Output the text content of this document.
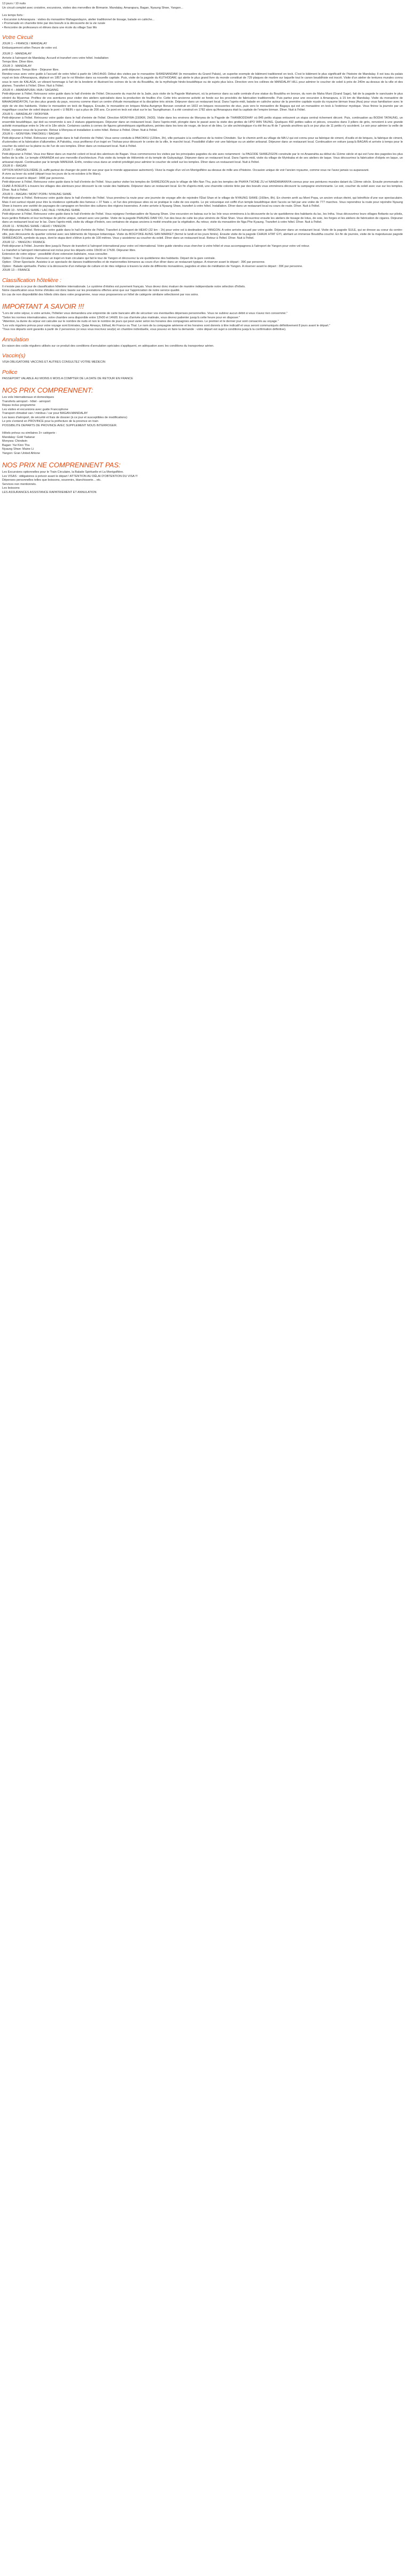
13 jours / 10 nuits

Un circuit complet avec croisière, excursions, visites des merveilles de Birmanie. Mandalay, Amarapura, Bagan, Nyaung Shwe, Yangon...

Les temps forts :

• Excursion à Amarapura : visites du monastère Mahagandayon, atelier traditionnel de tissage, balade en calèche...

• Promenade en charrette tirée par des boeufs à la découverte de la vie rurale

• Rencontre de professeurs et élèves dans une école du village Sao Mo

Votre Circuit

JOUR 1 – FRANCE / MANDALAY

Embarquement sélon l'heure de votre vol.

JOUR 2 - MANDALAY

Arrivée à l'aéroport de Mandalay. Accueil et transfert vers votre hôtel. Installation
Temps libre. Dîner libre.

JOUR 3 - MANDALAY

petit-déjeuner. Temps libre - Déjeuner libre.
Rendez-vous avec votre guide à l'accueil de votre hôtel à partir de 14h/14h30. Début des visites par le monastère SHWENANDAW (le monastère du Grand Palais), un superbe exemple de bâtiment traditionnel en teck. C'est le bâtiment le plus significatif de l'histoire de Mandalay. Il est issu du palais royal en bois d'Amarapura, déplacé en 1857 par le roi Mindon dans sa nouvelle capitale. Puis, visite de la pagode du KUTHODAW, qui abrite le plus grand livre du monde constitué de 729 plaques de marbre sur laquelle tout le canon bouddhiste est inscrit. Visite d'un atelier de tentures murales connu sous le nom de KALAGA, un vibrant hommage à l'art de la broderie et illustrant les scènes de la vie du Bouddha, de la mythologie hindo-bouddhique ou de sujets plus laïcs. Direction vers les collines de MANDALAY HILL pour admirer le coucher de soleil à près de 240m au-dessus de la ville et des plaines. Transfert à l'hôtel. Dîner. Nuit à l'hôtel.

JOUR 4 – AMARAPURA / AVA / SAGAING

Petit-déjeuner à l'hôtel. Retrouvez votre guide dans le hall d'entrée de l'hôtel. Découverte du marché de la Jade, puis visite de la Pagode Mahamuni, où la présence dans sa salle centrale d'une statue du Bouddha en bronze, du nom de Maha Muni (Grand Sage), fait de la pagode le sanctuaire le plus vénéré du Myanmar. Profitez de vos aventures pour visiter des ateliers spécialisés dans la production de feuilles d'or. Cette très ancienne activité se fonde sur les procédés de fabrication traditionnelle. Puis partez pour une excursion à Amarapura, à 15 km de Mandalay. Visite du monastère de MAHAGANDAYON, l'un des plus grands du pays, reconnu comme étant un centre d'étude monastique et la discipline très stricte. Déjeuner dans un restaurant local. Dans l'après-midi, balade en calèche autour de la première capitale royale du royaume birman Inwa (Ava) pour vous familiariser avec le style de vie des habitants. Visitez le monastère en teck de Bagaya. Ensuite, le monastère en briques Maha Aungmye Bonzan construit en 1822 en briques recouvertes de stuc, puis vers le monastère de Bagaya qui est un monastère en teck à l'extérieur mystique. Vous finirez la journée par un magnifique coucher de soleil depuis le pont « U BEIN » qui a plus de 200 ans. Ce pont en teck est situé sur le lac Taungthaman. Il a été construit en 1782 alors qu'Amarapura était la capitale de l'empire birman. Dîner. Nuit à l'hôtel.

JOUR 5 – MANDALAY / MONYWA

Petit-déjeuner à l'hôtel. Retrouvez votre guide dans le hall d'entrée de l'hôtel. Direction MONYWA (150KM, 2H30). Visite dans les environs de Monywa de la Pagode de THANBODDHAY où 845 petits stupas entourent un stupa central richement décoré. Puis, continuation au BODHI TATAUNG, un ensemble bouddhique, qui doit sa renommée à ses 2 statues gigantesques. Déjeuner dans un restaurant local. Dans l'après-midi, plongée dans le passé avec la visite des grottes de HPO WIN TAUNG. Quelques 492 petites salles et pièces, creusées dans 3 piliers de grès, renvoient à une grande activité monastique entre le 14e et le 18e siècle. Certaines cavités à cornes de figures géométriques significatives, peintes dans les tons de rouge, de brun et de bleu. Le site archéologique n'a été fini au fil de 7 grands ancêtres qu'à ce jour plus de 11 petits n'y accèdent. Le soir pour admirer la veille de l'hôtel, reposez-vous de la journée. Retour à Monywa et installation à votre hôtel. Retour à l'hôtel. Dîner. Nuit à l'hôtel.

JOUR 6 – MONYWA / PAKOKKU / BAGAN

Petit-déjeuner à l'hôtel. Retrouvez votre guide dans le hall d'entrée de l'hôtel. Vous serez conduits à PAKOKKU (120km, 3h), ville portuaire à la confluence de la rivière Chindwin. Sur le chemin arrêt au village de MA U qui est connu pour sa fabrique de ciment, d'outils et de briques, la fabrique de ciment, d'ustensiles et la fabrication d'allumettes. A Pakokku, vous profiterez d'un trajet en Trishaw pour découvrir le centre de la ville, le marché local. Possibilité d'aller voir une fabrique ou un atelier artisanal. Déjeuner dans un restaurant local. Continuation en voiture jusqu'à BAGAN et arrivée à temps pour le coucher du soleil sur la plaine ou de l'un de ses temples. Dîner dans un restaurant local. Nuit à l'hôtel.

JOUR 7 – BAGAN

Petit-déjeuner à l'hôtel. Vous irez flâner dans un marché coloré et local des alentours de Bagan. Vous commencerez les visites par les principales pagodes du site avec notamment : la PAGODE SHWEZIGON construite par le roi Anawrahta au début du 11ème siècle et qui est l'une des pagodes les plus belles de la ville. Le temple d'ANANDA est une merveille d'architecture. Puis visite du temple de Htilominlo et du temple de Gubyaukgyi. Déjeuner dans un restaurant local. Dans l'après-midi, visite du village de Myinkaba et de ses ateliers de laque. Vous découvrirez la fabrication d'objets en laque, un artisanat réputé. Continuation par le temple MANUHA. Enfin, rendez-vous dans un endroit privilégié pour admirer le coucher de soleil sur les temples. Dîner dans un restaurant local. Nuit à l'hôtel.

JOUR 8 – BAGAN

OPTION MONTGOLFIÈRE (IL suffit partout de changer de point de vue pour que le monde apparaisse autrement). Vivez la magie d'un vol en Montgolfière au-dessus de mille ans d'histoire. Occasion unique de voir l'ancien royaume, comme vous ne l'avez jamais vu auparavant.
A vivre au lever du soleil (départ tous les jours de la mi-octobre à fin Mars).
A réserver avant le départ : 349€ par personne.
Petit-déjeuner à l'hôtel. Retrouvez votre guide dans le hall d'entrée de l'hôtel. Vous partez visiter les temples de SHWEZIGON puis le village de Min Nan Thu, puis les temples de PHAYA THONE ZU et NANDAMANNYA connus pour ses peintures murales datant du 13ème siècle. Ensuite promenade en CHAR À BOEUFS à travers les villages des alentours pour découvrir la vie rurale des habitants. Déjeuner dans un restaurant local. En fin d'après-midi, une charrette colorée tirée par des boeufs vous emmènera découvrir la campagne environnante. Le soir, coucher du soleil avec vue sur les temples. Dîner. Nuit à l'hôtel.

JOUR 9 – BAGAN / MONT POPA / NYAUNG SHWE

Petit-déjeuner à l'hôtel. Retrouvez votre guide dans le hall d'entrée de l'hôtel. Vous prendrez la route pour une journée de voyage afin de rejoindre l'État Shan et le village de NYAUNG SHWE (160km, 8h). En chemin arrêt au Mont Popa, un ancien volcan éteint, qui bénéficie d'une vue spectaculaire. Mais il est surtout réputé pour être la résidence spirituelle des fameux « 37 Nats », et l'un des principaux sites où se pratique le culte de ces esprits. Le pic volcanique est coiffé d'un temple bouddhique dont l'accès se fait par une volée de 777 marches. Vous reprendrez la route pour rejoindre Nyaung Shwe à travers une variété de paysages de campagne en fonction des cultures des régions traversées. A votre arrivée à Nyaung Shwe, transfert à votre hôtel. Installation. Dîner dans un restaurant local ou cours de route. Dîner. Nuit à l'hôtel.

JOUR 10 - NYAUNG SHWE / LAC INLE / NYAUNG SHWE

Petit-déjeuner à l'hôtel. Retrouvez votre guide dans le hall d'entrée de l'hôtel. Vous rejoignez l'embarcadère de Nyaung Shwe. Une excursion en bateau sur le lac Inle vous emmènera à la découverte de la vie quotidienne des habitants du lac, les Intha. Vous découvrirez leurs villages flottants sur pilotis, leurs jardins flottants et leur technique de pêche unique, ramant avec une jambe. Visite de la pagode PHAUNG DAW OO, l'un des lieux de culte les plus vénérés de l'État Shan. Vous découvrirez ensuite les ateliers de tissage de lotus, de soie, les forges et les ateliers de fabrication de cigares. Déjeuner dans un restaurant local sur le lac. Dans l'après-midi, visite du village d'Indein, ses centaines de stupas anciens à moitié envahis par la végétation. Au retour, visite du monastère de Nga Phe Kyaung. Transfert à votre hôtel. Dîner. Nuit à l'hôtel.

JOUR 11 - NYAUNG SHWE / HEHO / YANGON

Petit-déjeuner à l'hôtel. Retrouvez votre guide dans le hall d'entrée de l'hôtel. Transfert à l'aéroport de HEHO (32 km - 1h) pour votre vol à destination de YANGON. A votre arrivée accueil par votre guide. Déjeuner dans un restaurant local. Visite de la pagode SULE, qui se dresse au coeur du centre-ville, puis découverte du quartier colonial avec ses bâtiments de l'époque britannique. Visite du BOGYOKE AUNG SAN MARKET (fermé le lundi et les jours fériés). Ensuite visite de la pagode CHAUK HTAT GYI, abritant un immense Bouddha couché. En fin de journée, visite de la majestueuse pagode SHWEDAGON, symbole du pays, dont le stupa doré s'élève à près de 100 mètres. Vous y assisterez au coucher du soleil. Dîner dans un restaurant local. Retour à l'hôtel. Dîner. Nuit à l'hôtel.

JOUR 12 – YANGON / FRANCE

Petit-déjeuner à l'hôtel. Journée libre jusqu'à l'heure de transfert à l'aéroport international pour votre vol international. Votre guide viendra vous chercher à votre hôtel et vous accompagnera à l'aéroport de Yangon pour votre vol retour.
Le transfert à l'aéroport international est inclus pour les départs entre 15h30 et 17h30. Déjeuner libre.
Extension de votre séjour : possibilité d'une extension balnéaire, nous consulter.
Option : Train Circulaire. Parcourez un trajet en train circulaire qui fait le tour de Yangon et découvrez la vie quotidienne des habitants. Départ de la gare centrale.
Option : Dîner-Spectacle. Assistez à un spectacle de danses traditionnelles et de marionnettes birmanes au cours d'un dîner dans un restaurant typique. A réserver avant le départ : 39€ par personne.
Option : Balade spirituelle. Partez à la découverte d'un mélange de culture et de rites religieux à travers la visite de différents monastères, pagodes et sites de méditation de Yangon. A réserver avant le départ : 39€ par personne.

JOUR 13 – FRANCE

Classification hôtelière :

Il n'existe pas à ce jour de classification hôtelière internationale. Le système d'étoiles est purement français. Vous devez donc évaluer de manière indépendante notre sélection d'hôtels.

Notre classification sous forme d'étoiles est donc basée sur les prestations offertes ainsi que sur l'appréciation de notre service qualité.

En cas de non disponibilité des hôtels cités dans votre programme, nous vous proposerons un hôtel de catégorie similaire sélectionné par nos soins.

IMPORTANT A SAVOIR !!!

"Lors de votre séjour, à votre arrivée, l'hôtelier vous demandera une empreinte de carte bancaire afin de sécuriser vos éventuelles dépenses personnelles. Vous ne subirez aucun débit si vous n'avez rien consommé."

"Selon les normes internationales, votre chambre sera disponible entre 12h00 et 14h00. En cas d'arrivée plus matinale, vous devrez patienter jusqu'à cette heure pour en disposer."

"Attention, la durée du séjour est calculée sur le nombre de nuits et non le nombre de jours qui peut varier selon les horaires des compagnies aériennes. Le premier et le dernier jour sont consacrés au voyage."

"Les vols réguliers prévus pour votre voyage sont Emirates, Qatar Airways, Etihad, Air France ou Thaï. Le nom de la compagnie aérienne et les horaires sont donnés à titre indicatif et vous seront communiqués définitivement 8 jours avant le départ."

"Tous nos départs sont garantis à partir de 2 personnes (si vous vous inscrivez seul(e) en chambre individuelle, vous pouvez en faire la demande : votre départ est sujet à conditions jusqu'à la confirmation définitive).

Annulation

En raison des coûts réguliers utilisés sur ce produit des conditions d'annulation spéciales s'appliquent, en adéquation avec les conditions du transporteur aérien.

Vaccin(s)

VISA OBLIGATOIRE VACCINS ET AUTRES CONSULTEZ VOTRE MEDECIN

Police

PASSEPORT VALABLE AU MOINS 6 MOIS A COMPTER DE LA DATE DE RETOUR EN FRANCE

NOS PRIX COMPRENNENT:

Les vols Internationaux et domestiques

Transferts aéroport - hôtel - aéroport

Repas inclus programme

Les visites et excursions avec guide Francophone

Transport climatisé van / minibus / car pour BAGAN-MANDALAY

Les taxes d'aéroport, de sécurité et frais de dossier (à ce jour et susceptibles de modifications)

Le prix s'entend en PROVINCE pour la préfecture de la province en train

POSSIBILITE DEPARTS DE PROVINCE AVEC SUPPLEMENT NOUS INTERROGER.

Hôtels prévus ou similaires 3+ catégorie :

Mandalay: Gold Yadanar

Monywa: Chindwin

Bagan: Yar Kinn Tha

Nyaung Shwe: Maine Li

Yangon: Gran United Ahlone

NOS PRIX NE COMPRENNENT PAS:

Les Excursions optionnelles pour le Train Circulaire, la Balade Spirituelle et La Montgolfière.

Les VISAS : obligatoires à prévoir avant le départ ! ATTENTION AU DÉLAI D'OBTENTION DU VISA !!!

Dépenses personnelles telles que boissons, souvenirs, blanchisserie... etc.

Services non mentionnés.

Les boissons

LES ASSURANCES ASSISTANCE RAPATRIEMENT ET ANNULATION
